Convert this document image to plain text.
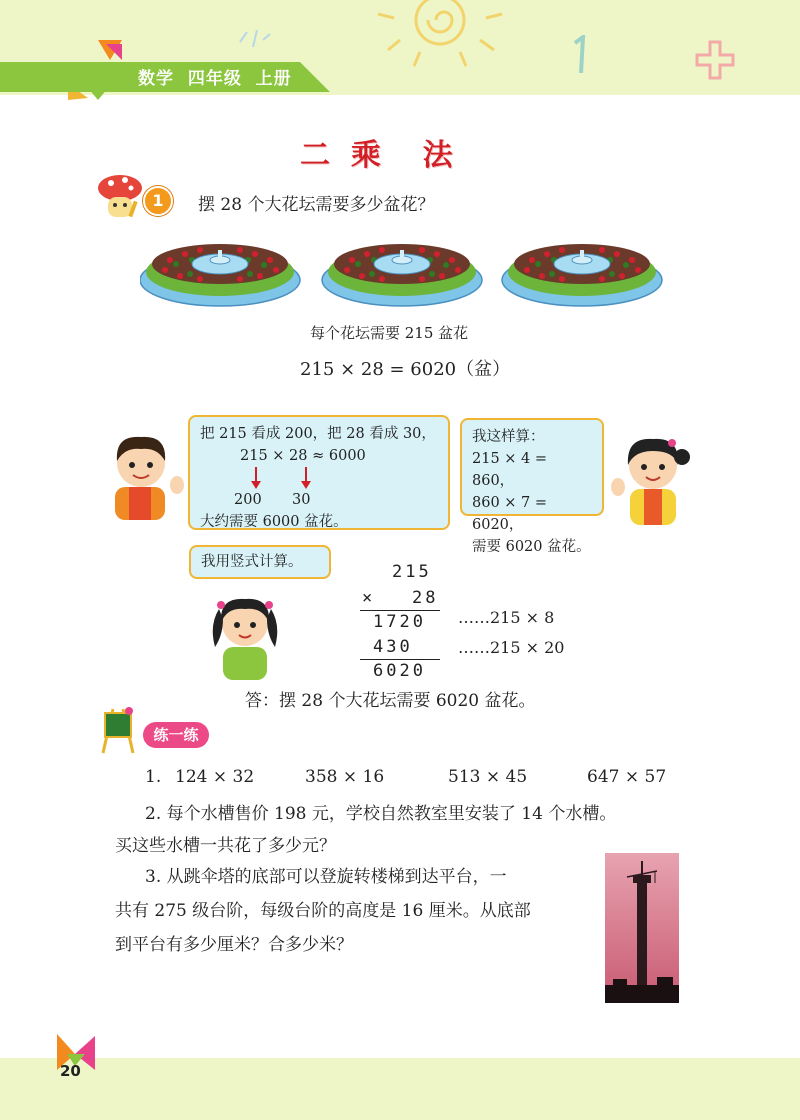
数学  四年级  上册
二  乘    法
1	摆 28 个大花坛需要多少盆花？
每个花坛需要 215 盆花
215 × 28 = 6020（盆）
把 215 看成 200，把 28 看成 30，
215 × 28 ≈ 6000
200 30
大约需要 6000 盆花。
我这样算：
215 × 4 = 860，
860 × 7 = 6020，
需要 6020 盆花。
我用竖式计算。	215
× 28
1720
430
6020
……215 × 8
……215 × 20
答：摆 28 个大花坛需要 6020 盆花。
练一练
1. 124 × 32	358 × 16	513 × 45	647 × 57
2. 每个水槽售价 198 元，学校自然教室里安装了 14 个水槽。
买这些水槽一共花了多少元？
3. 从跳伞塔的底部可以登旋转楼梯到达平台，一
共有 275 级台阶，每级台阶的高度是 16 厘米。从底部
到平台有多少厘米？合多少米？
20
